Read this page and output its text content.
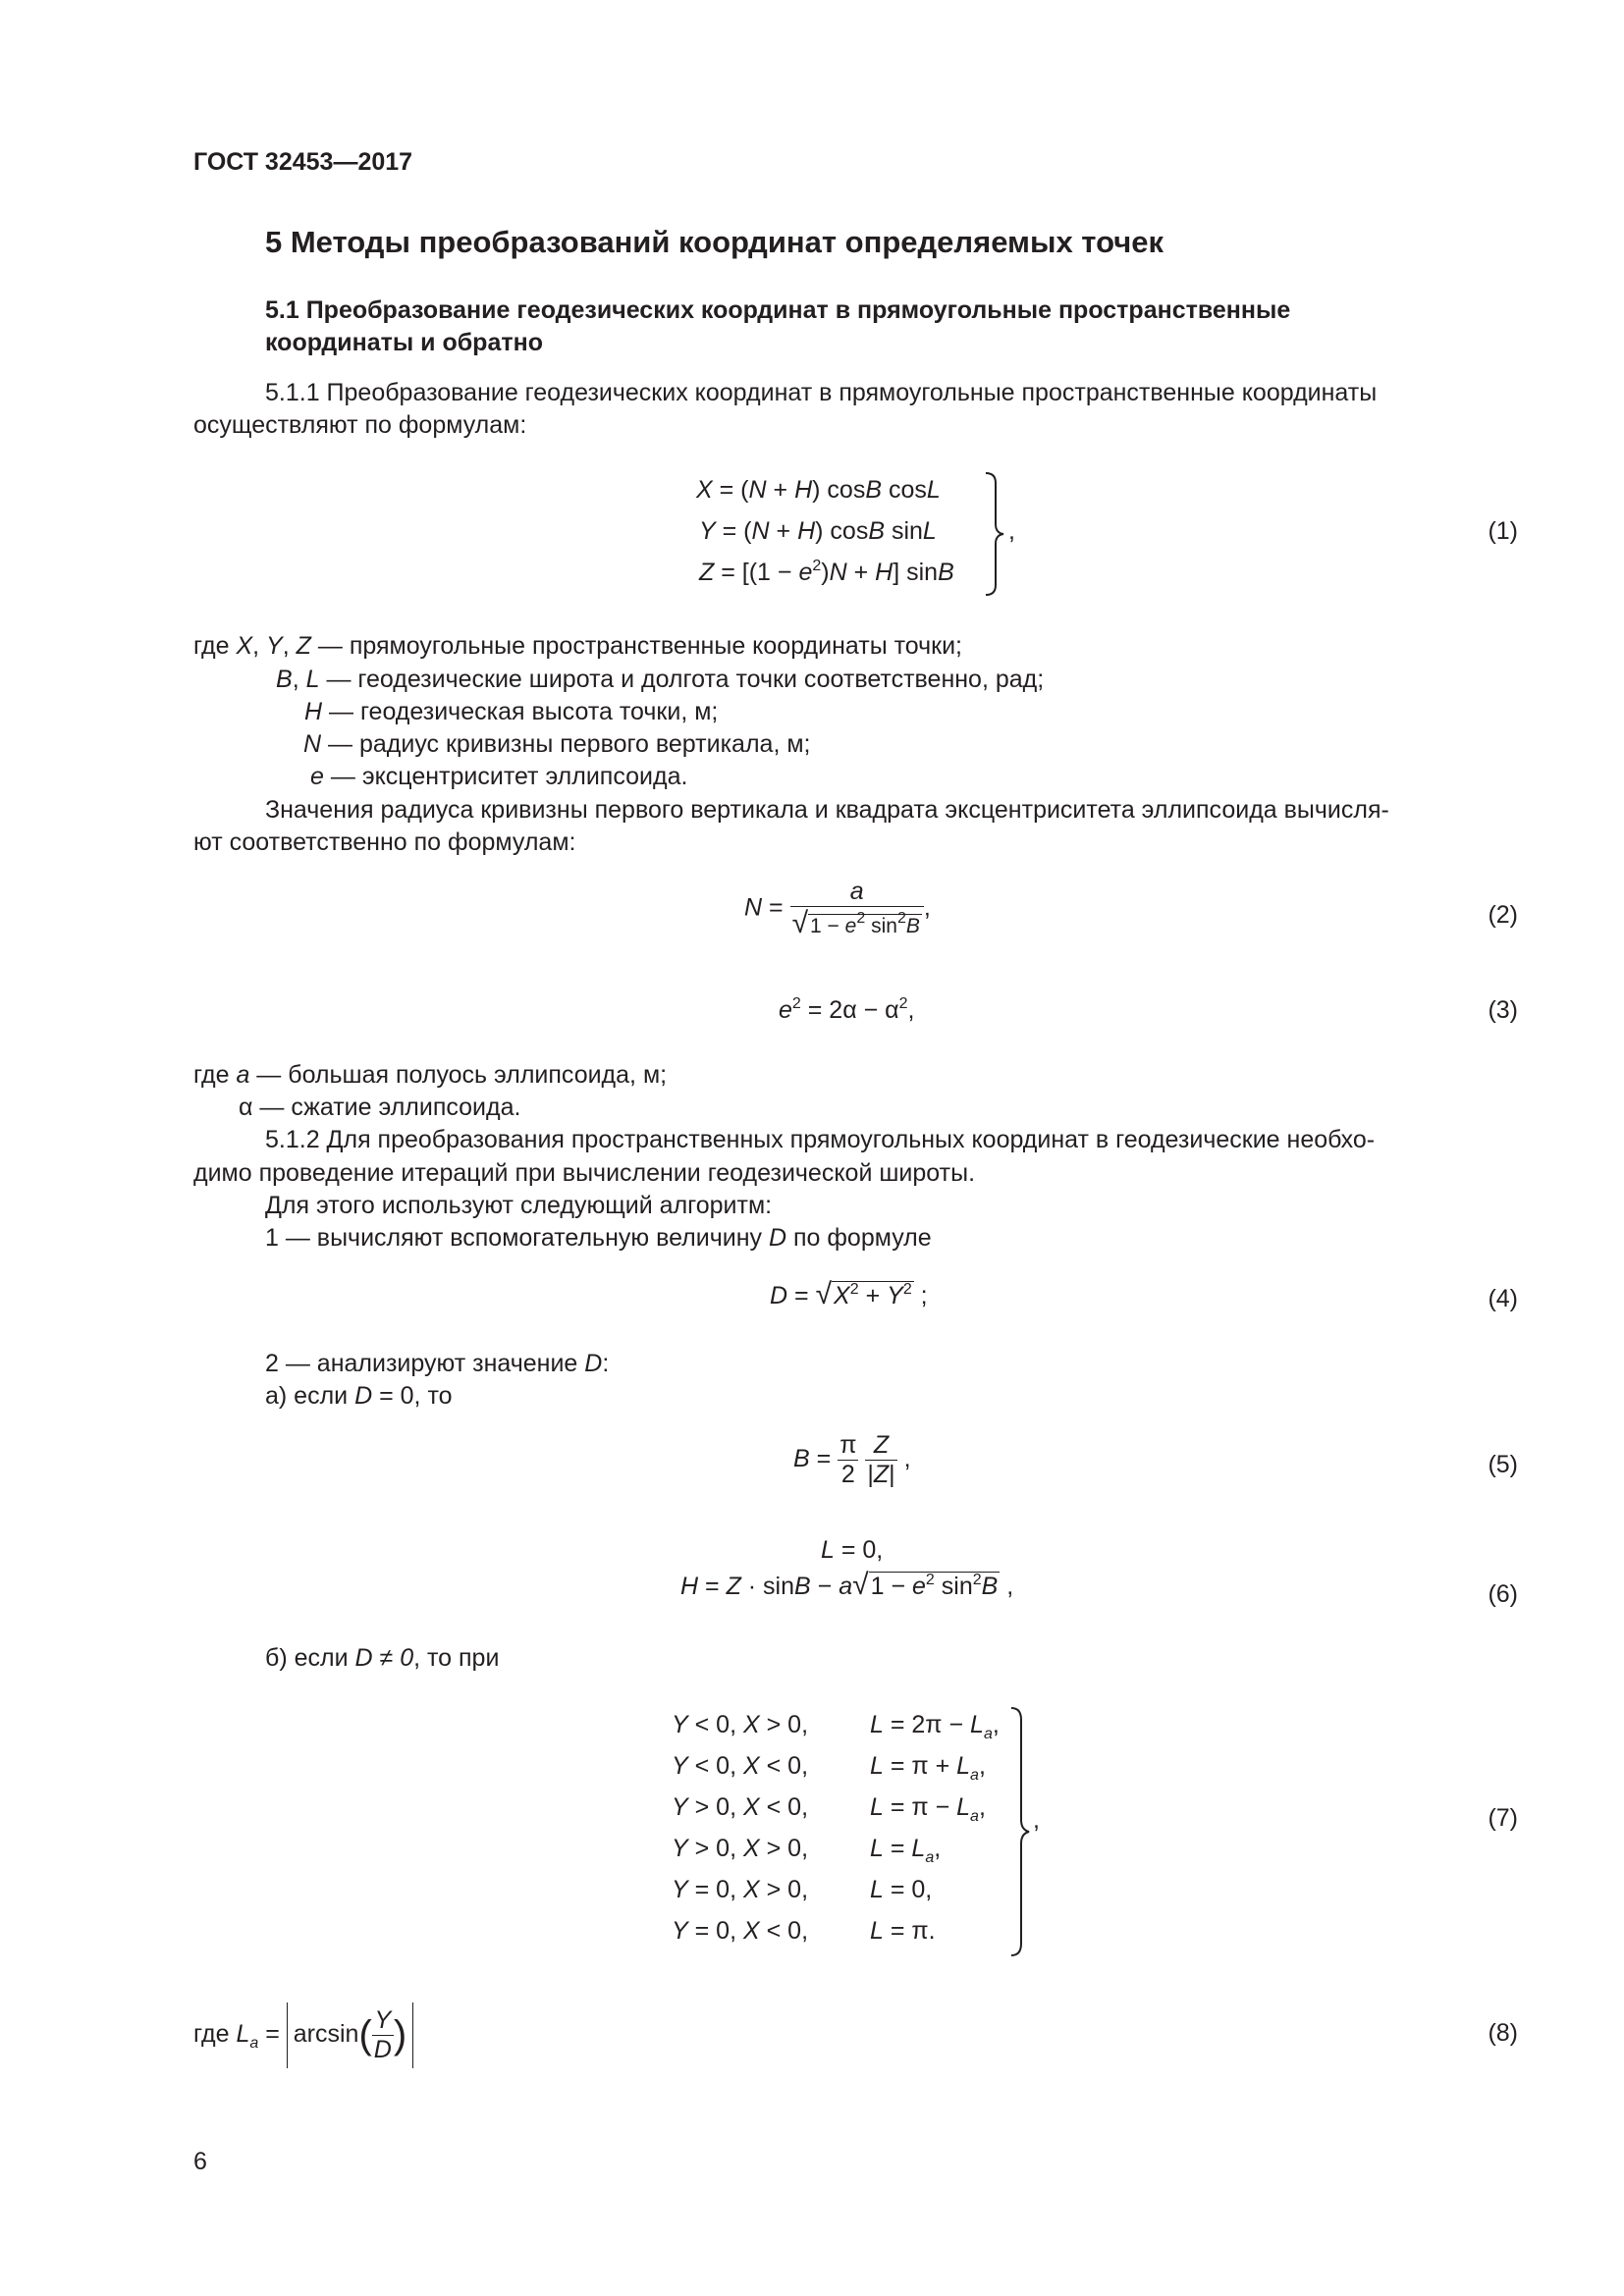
ГОСТ 32453—2017
5 Методы преобразований координат определяемых точек
5.1 Преобразование геодезических координат в прямоугольные пространственные
координаты и обратно
5.1.1 Преобразование геодезических координат в прямоугольные пространственные координаты
осуществляют по формулам:
X = (N + H) cosB cosL
Y = (N + H) cosB sinL
$Z = [(1 - e^2)N + H]$ sinB
,	(1)
где X, Y, Z — прямоугольные пространственные координаты точки;
B, L — геодезические широта и долгота точки соответственно, рад;
H — геодезическая высота точки, м;
N — радиус кривизны первого вертикала, м;
e — эксцентриситет эллипсоида.
Значения радиуса кривизны первого вертикала и квадрата эксцентриситета эллипсоида вычисля-
ют соответственно по формулам:
$N = \frac{a}{√1 - e^2 \sin^2B}$ ,	(2)
$e^2 = 2\alpha - \alpha^2$,	(3)
где a — большая полуось эллипсоида, м;
α — сжатие эллипсоида.
5.1.2 Для преобразования пространственных прямоугольных координат в геодезические необхо-
димо проведение итераций при вычислении геодезической широты.
Для этого используют следующий алгоритм:
1 — вычисляют вспомогательную величину D по формуле
$D = √X^2 + Y^2$ ;	(4)
2 — анализируют значение D:
а) если D = 0, то
$B = \frac{\pi}{2}$
$\frac{Z}{|Z|}$ ,	(5)
L = 0,
$H = Z \cdot \sin B - a√1 - e^2$ $\sin^2B$ ,	(6)
б) если D ≠ 0, то при
Y < 0, X > 0,	$L = 2\pi - L_a$,
Y < 0, X < 0,	$L = \pi + L_a$,
Y > 0, X < 0,	$L = \pi - L_a$,
Y > 0, X > 0,	$L = L_a$,
Y = 0, X > 0,	L = 0,
Y = 0, X < 0,	L = π.
,	(7)
где $L_a = \arcsin( \frac{Y}{D}$ )	(8)
6
